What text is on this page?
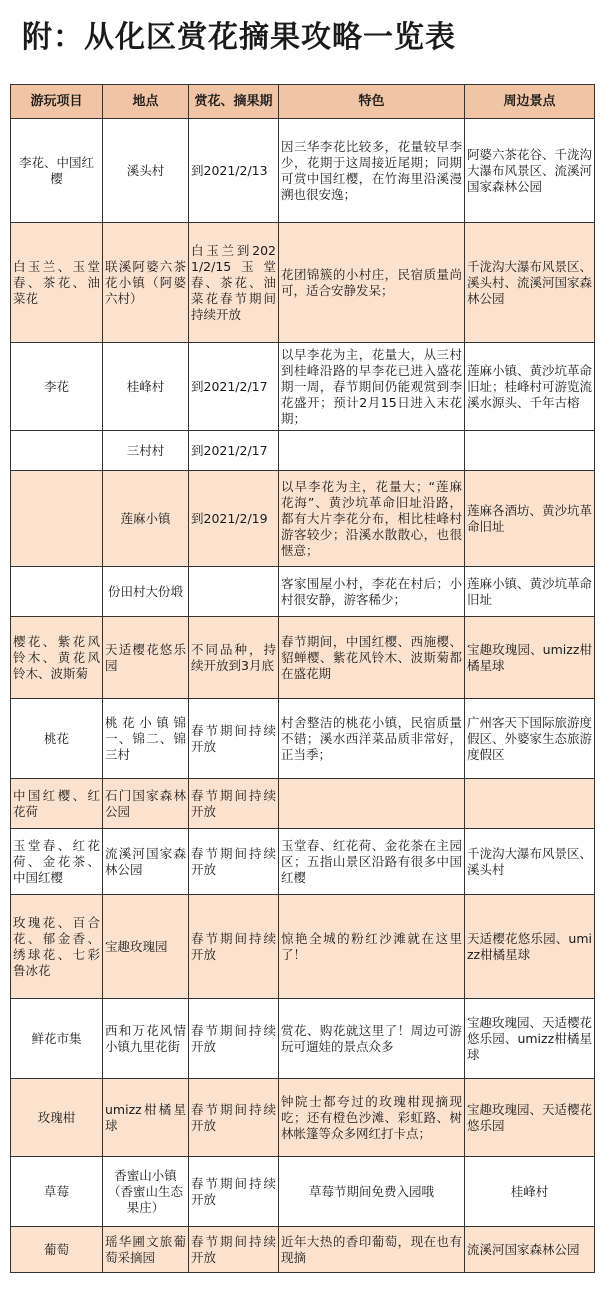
附：从化区赏花摘果攻略一览表
游玩项目	地点	赏花、摘果期	特色	周边景点
李花、中国红樱	溪头村	到2021/2/13	因三华李花比较多，花量较早李少，花期于这周接近尾期；同期可赏中国红樱，在竹海里沿溪漫溯也很安逸；	阿婆六茶花谷、千泷沟大瀑布风景区、流溪河国家森林公园
白玉兰、玉堂春、茶花、油菜花	联溪阿婆六茶花小镇（阿婆六村）	白玉兰到2021/2/15玉堂春、茶花、油菜花春节期间持续开放	花团锦簇的小村庄，民宿质量尚可，适合安静发呆；	千泷沟大瀑布风景区、溪头村、流溪河国家森林公园
李花	桂峰村	到2021/2/17	以早李花为主，花量大，从三村到桂峰沿路的早李花已进入盛花期一周，春节期间仍能观赏到李花盛开；预计2月15日进入末花期；	莲麻小镇、黄沙坑革命旧址；桂峰村可游览流溪水源头、千年古榕
	三村村	到2021/2/17		
	莲麻小镇	到2021/2/19	以早李花为主，花量大；“莲麻花海”、黄沙坑革命旧址沿路，都有大片李花分布，相比桂峰村游客较少；沿溪水散散心，也很惬意；	莲麻各酒坊、黄沙坑革命旧址
	份田村大份塅		客家围屋小村，李花在村后；小村很安静，游客稀少；	莲麻小镇、黄沙坑革命旧址
樱花、紫花风铃木、黄花风铃木、波斯菊	天适樱花悠乐园	不同品种，持续开放到3月底	春节期间，中国红樱、西施樱、貂蝉樱、紫花风铃木、波斯菊都在盛花期	宝趣玫瑰园、umizz柑橘星球
桃花	桃花小镇锦一、锦二、锦三村	春节期间持续开放	村舍整洁的桃花小镇，民宿质量不错；溪水西洋菜品质非常好，正当季；	广州客天下国际旅游度假区、外婆家生态旅游度假区
中国红樱、红花荷	石门国家森林公园	春节期间持续开放		
玉堂春、红花荷、金花茶、中国红樱	流溪河国家森林公园	春节期间持续开放	玉堂春、红花荷、金花茶在主园区；五指山景区沿路有很多中国红樱	千泷沟大瀑布风景区、溪头村
玫瑰花、百合花、郁金香、绣球花、七彩鲁冰花	宝趣玫瑰园	春节期间持续开放	惊艳全城的粉红沙滩就在这里了！	天适樱花悠乐园、umizz柑橘星球
鲜花市集	西和万花风情小镇九里花街	春节期间持续开放	赏花、购花就这里了！周边可游玩可遛娃的景点众多	宝趣玫瑰园、天适樱花悠乐园、umizz柑橘星球
玫瑰柑	umizz柑橘星球	春节期间持续开放	钟院士都夸过的玫瑰柑现摘现吃；还有橙色沙滩、彩虹路、树林帐篷等众多网红打卡点；	宝趣玫瑰园、天适樱花悠乐园
草莓	香蜜山小镇（香蜜山生态果庄）	春节期间持续开放	草莓节期间免费入园哦	桂峰村
葡萄	瑶华圃文旅葡萄采摘园	春节期间持续开放	近年大热的香印葡萄，现在也有现摘	流溪河国家森林公园
